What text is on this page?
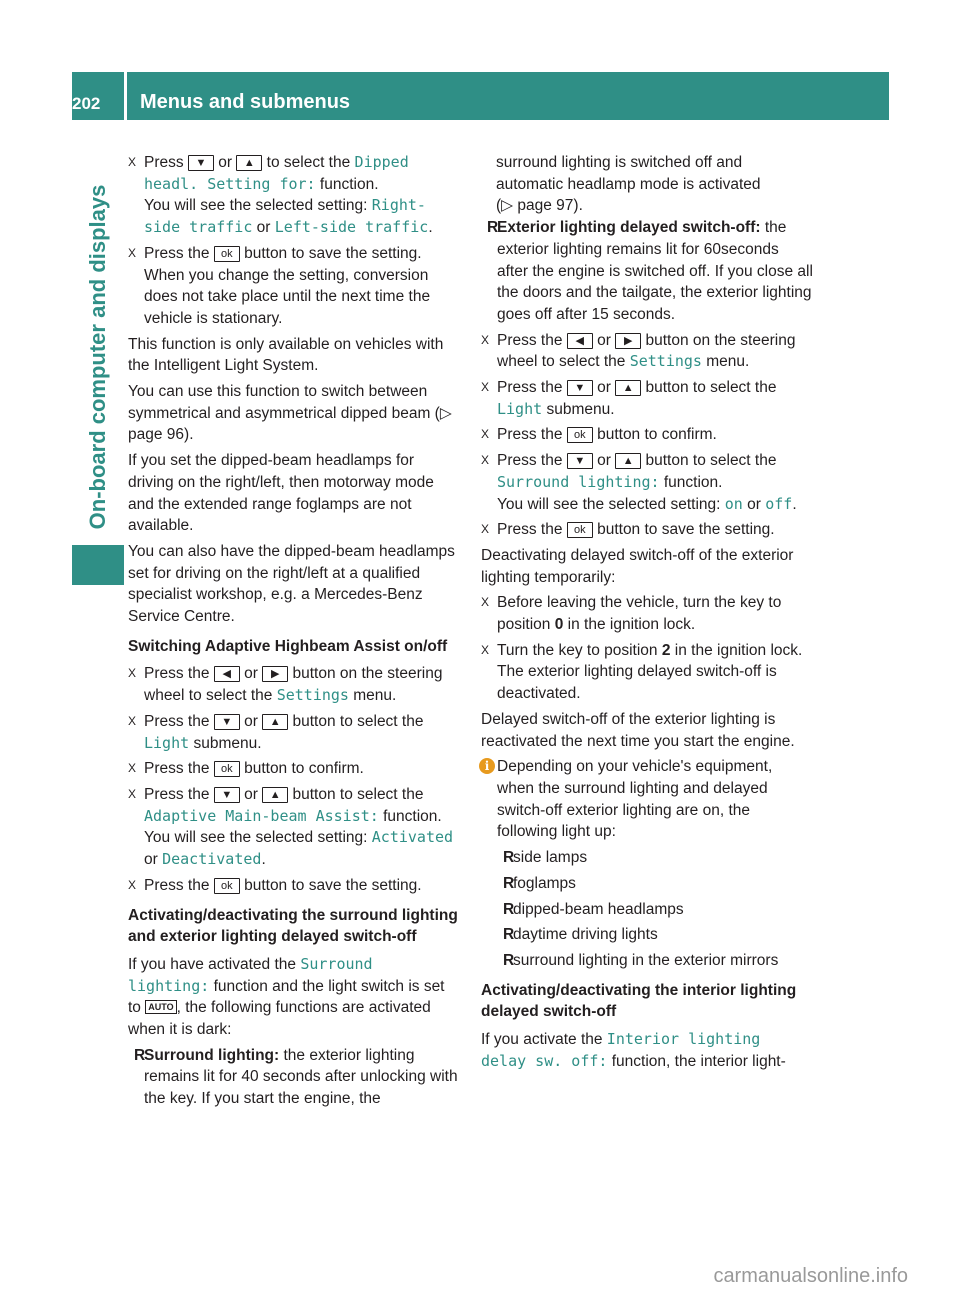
202	Menus and submenus
On-board computer and displays
X Press ▼ or ▲ to select the Dipped headl. Setting for: function.
You will see the selected setting: Right-side traffic or Left-side traffic.
X Press the ok button to save the setting.
When you change the setting, conversion does not take place until the next time the vehicle is stationary.

This function is only available on vehicles with the Intelligent Light System.

You can use this function to switch between symmetrical and asymmetrical dipped beam (▷ page 96).

If you set the dipped-beam headlamps for driving on the right/left, then motorway mode and the extended range foglamps are not available.

You can also have the dipped-beam headlamps set for driving on the right/left at a qualified specialist workshop, e.g. a Mercedes-Benz Service Centre.

Switching Adaptive Highbeam Assist on/off
X Press the ◀ or ▶ button on the steering wheel to select the Settings menu.
X Press the ▼ or ▲ button to select the Light submenu.
X Press the ok button to confirm.
X Press the ▼ or ▲ button to select the Adaptive Main-beam Assist: function.
You will see the selected setting: Activated or Deactivated.
X Press the ok button to save the setting.
Activating/deactivating the surround lighting and exterior lighting delayed switch-off

If you have activated the Surround lighting: function and the light switch is set to AUTO , the following functions are activated when it is dark:

R
Surround lighting: the exterior lighting remains lit for 40 seconds after unlocking with the key. If you start the engine, the
surround lighting is switched off and automatic headlamp mode is activated
(▷ page 97).
R
Exterior lighting delayed switch-off: the exterior lighting remains lit for 60seconds after the engine is switched off. If you close all the doors and the tailgate, the exterior lighting goes off after 15 seconds.
X Press the ◀ or ▶ button on the steering wheel to select the Settings menu.
X Press the ▼ or ▲ button to select the Light submenu.
X Press the ok button to confirm.
X Press the ▼ or ▲ button to select the Surround lighting: function.
You will see the selected setting: on or off.
X Press the ok button to save the setting.

Deactivating delayed switch-off of the exterior lighting temporarily:

X Before leaving the vehicle, turn the key to position 0 in the ignition lock.
X Turn the key to position 2 in the ignition lock.
The exterior lighting delayed switch-off is deactivated.

Delayed switch-off of the exterior lighting is reactivated the next time you start the engine.

i Depending on your vehicle's equipment, when the surround lighting and delayed switch-off exterior lighting are on, the following light up:
R
side lamps
R
foglamps
R
dipped-beam headlamps
R
daytime driving lights
R
surround lighting in the exterior mirrors
Activating/deactivating the interior lighting delayed switch-off

If you activate the Interior lighting delay sw. off: function, the interior light-

carmanualsonline.info
